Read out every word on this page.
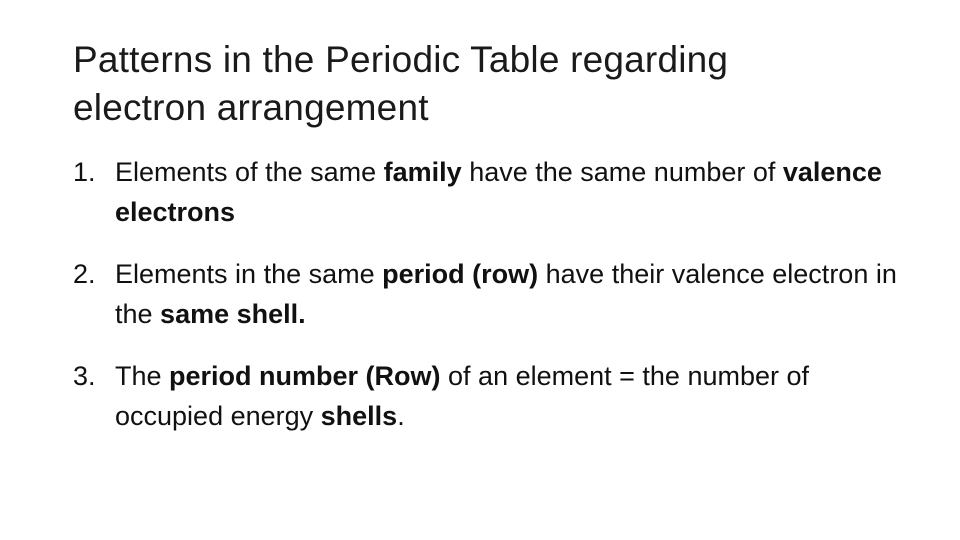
Patterns in the Periodic Table regarding
electron arrangement
1. Elements of the same family have the same number of valence electrons
2. Elements in the same period (row) have their valence electron in the same shell.
3. The period number (Row) of an element = the number of occupied energy shells.
